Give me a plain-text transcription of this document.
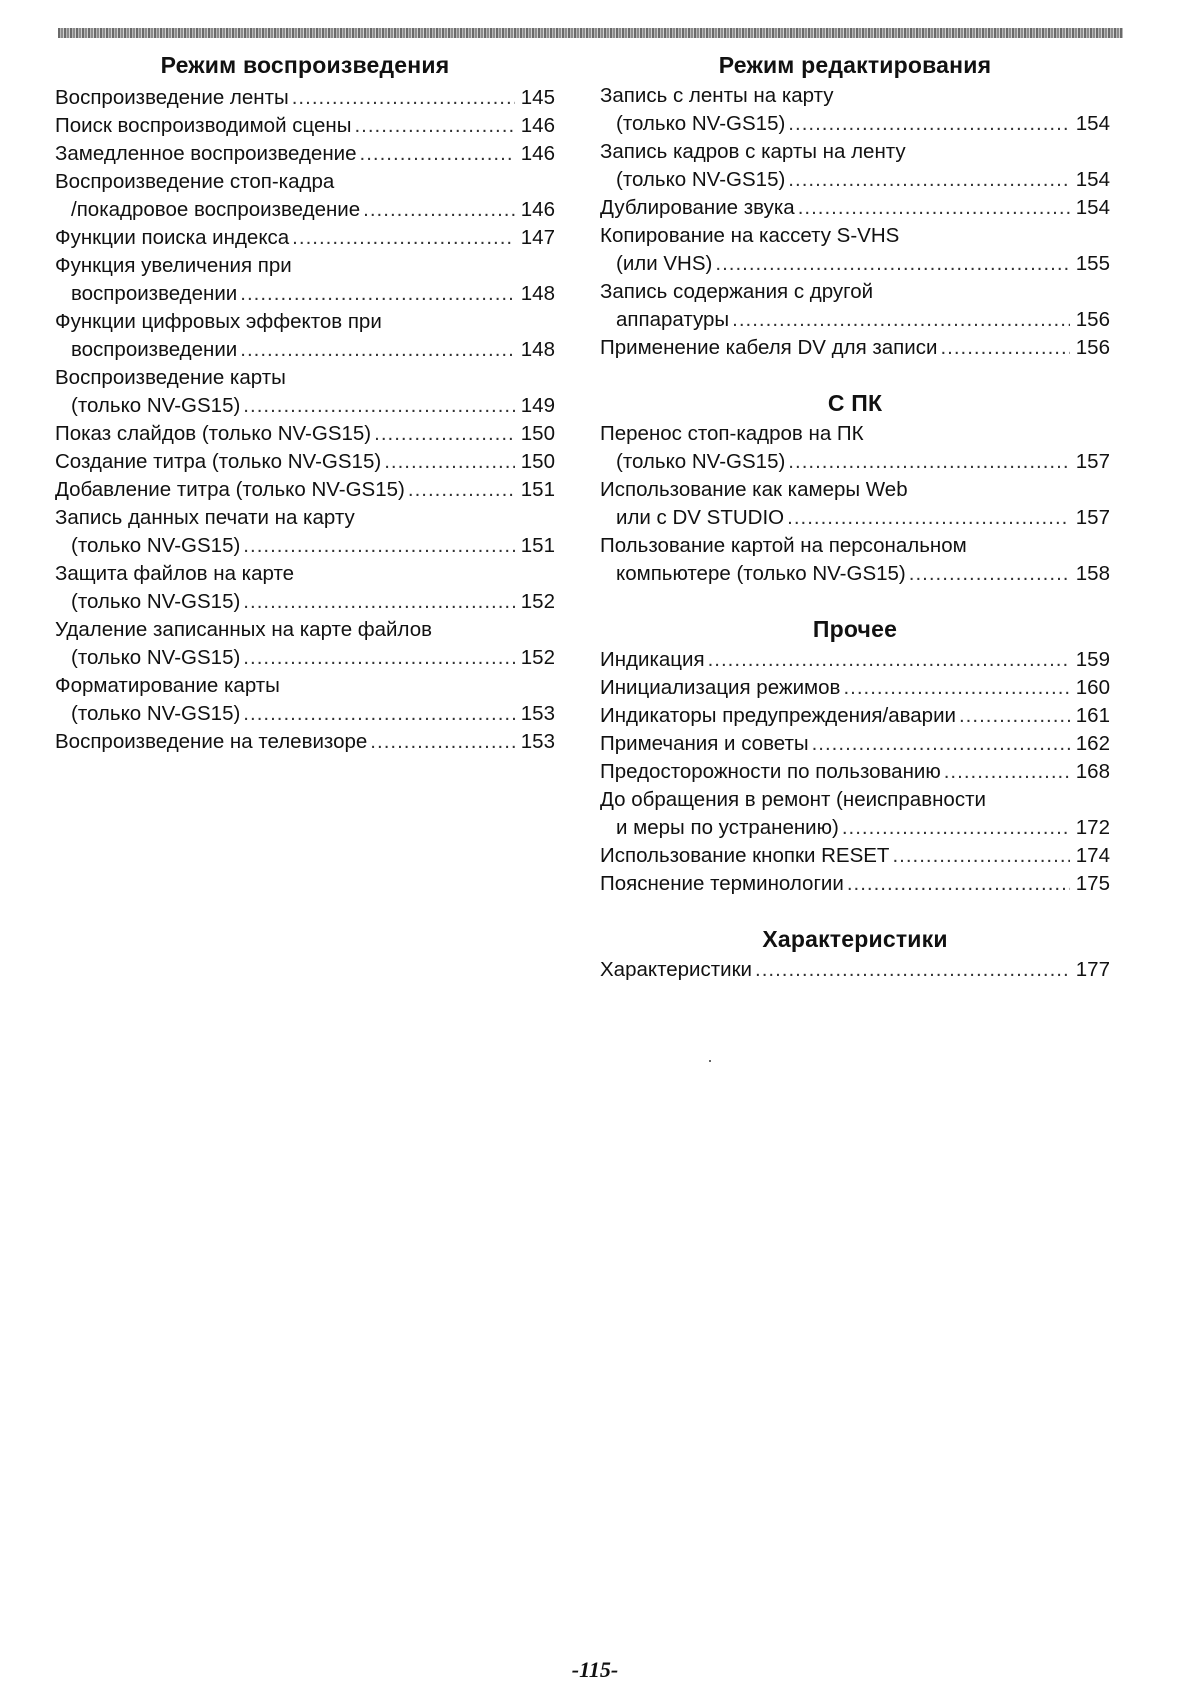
Режим воспроизведения
Воспроизведение ленты .....	145
Поиск воспроизводимой сцены .....	146
Замедленное воспроизведение .....	146
Воспроизведение стоп-кадра
/покадровое воспроизведение .....	146
Функции поиска индекса .....	147
Функция увеличения при
воспроизведении .....	148
Функции цифровых эффектов при
воспроизведении .....	148
Воспроизведение карты
(только NV-GS15) .....	149
Показ слайдов (только NV-GS15) .....	150
Создание титра (только NV-GS15) .....	150
Добавление титра (только NV-GS15) .....	151
Запись данных печати на карту
(только NV-GS15) .....	151
Защита файлов на карте
(только NV-GS15) .....	152
Удаление записанных на карте файлов
(только NV-GS15) .....	152
Форматирование карты
(только NV-GS15) .....	153
Воспроизведение на телевизоре .....	153
Режим редактирования
Запись с ленты на карту
(только NV-GS15) .....	154
Запись кадров с карты на ленту
(только NV-GS15) .....	154
Дублирование звука .....	154
Копирование на кассету S-VHS
(или VHS) .....	155
Запись содержания с другой
аппаратуры .....	156
Применение кабеля DV для записи .....	156
С ПК
Перенос стоп-кадров на ПК
(только NV-GS15) .....	157
Использование как камеры Web
или с DV STUDIO .....	157
Пользование картой на персональном
компьютере (только NV-GS15) .....	158
Прочее
Индикация .....	159
Инициализация режимов .....	160
Индикаторы предупреждения/аварии .....	161
Примечания и советы .....	162
Предосторожности по пользованию .....	168
До обращения в ремонт (неисправности
и меры по устранению) .....	172
Использование кнопки RESET .....	174
Пояснение терминологии .....	175
Характеристики
Характеристики .....	177
-115-
